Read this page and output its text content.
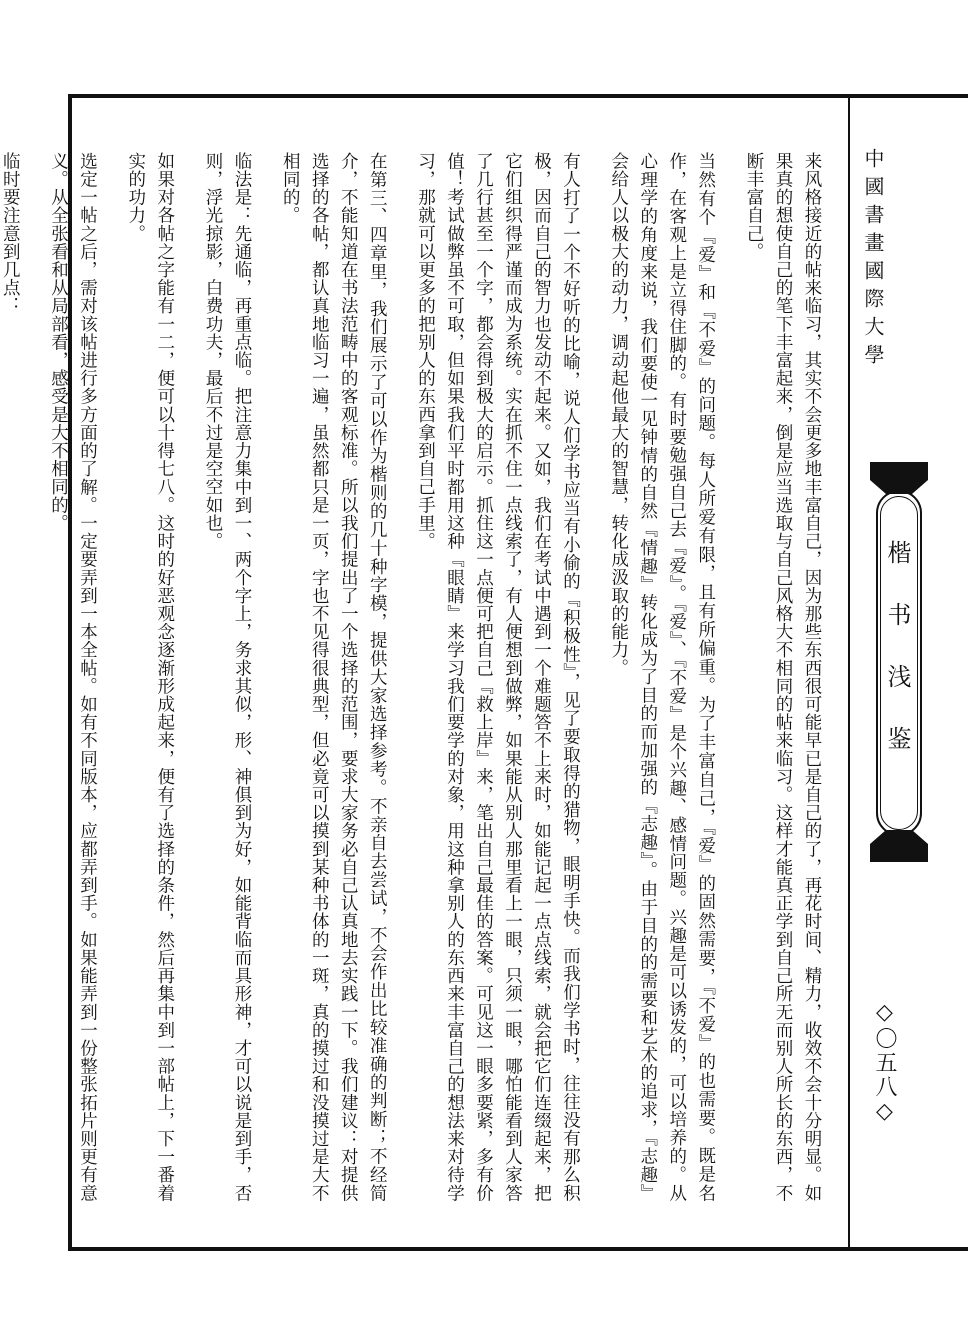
中國書畫國際大學
楷书浅鉴
◇〇五八◇

来风格接近的帖来临习，其实不会更多地丰富自己，因为那些东西很可能早已是自己的了，再花时间、精力，收效不会十分明显。如果真的想使自己的笔下丰富起来，倒是应当选取与自己风格大不相同的帖来临习。这样才能真正学到自己所无而别人所长的东西，不断丰富自己。

当然有个『爱』和『不爱』的问题。每人所爱有限，且有所偏重。为了丰富自己，『爱』的固然需要，『不爱』的也需要。既是名作，在客观上是立得住脚的。有时要勉强自己去『爱』。『爱』、『不爱』是个兴趣、感情问题。兴趣是可以诱发的，可以培养的。从心理学的角度来说，我们要使一见钟情的自然『情趣』转化成为了目的而加强的『志趣』。由于目的的需要和艺术的追求，『志趣』会给人以极大的动力，调动起他最大的智慧，转化成汲取的能力。

有人打了一个不好听的比喻，说人们学书应当有小偷的『积极性』，见了要取得的猎物，眼明手快。而我们学书时，往往没有那么积极，因而自己的智力也发动不起来。又如，我们在考试中遇到一个难题答不上来时，如能记起一点点线索，就会把它们连缀起来，把它们组织得严谨而成为系统。实在抓不住一点线索了，有人便想到做弊，如果能从别人那里看上一眼，只须一眼，哪怕能看到人家答了几行甚至一个字，都会得到极大的启示。抓住这一点便可把自己『救上岸』来，笔出自己最佳的答案。可见这一眼多要紧，多有价值！考试做弊虽不可取，但如果我们平时都用这种『眼睛』来学习我们要学的对象，用这种拿别人的东西来丰富自己的想法来对待学习，那就可以更多的把别人的东西拿到自己手里。

在第三、四章里，我们展示了可以作为楷则的几十种字模，提供大家选择参考。不亲自去尝试，不会作出比较准确的判断；不经简介，不能知道在书法范畴中的客观标准。所以我们提出了一个选择的范围，要求大家务必自己认真地去实践一下。我们建议：对提供选择的各帖，都认真地临习一遍，虽然都只是一页，字也不见得很典型，但必竟可以摸到某种书体的一斑，真的摸过和没摸过是大不相同的。

临法是：先通临，再重点临。把注意力集中到一、两个字上，务求其似，形、神俱到为好，如能背临而具形神，才可以说是到手，否则，浮光掠影，白费功夫，最后不过是空空如也。

如果对各帖之字能有一二，便可以十得七八。这时的好恶观念逐渐形成起来，便有了选择的条件，然后再集中到一部帖上，下一番着实的功力。

选定一帖之后，需对该帖进行多方面的了解。一定要弄到一本全帖。如有不同版本，应都弄到手。如果能弄到一份整张拓片则更有意义。从全张看和从局部看，感受是大不相同的。

临时要注意到几点：
